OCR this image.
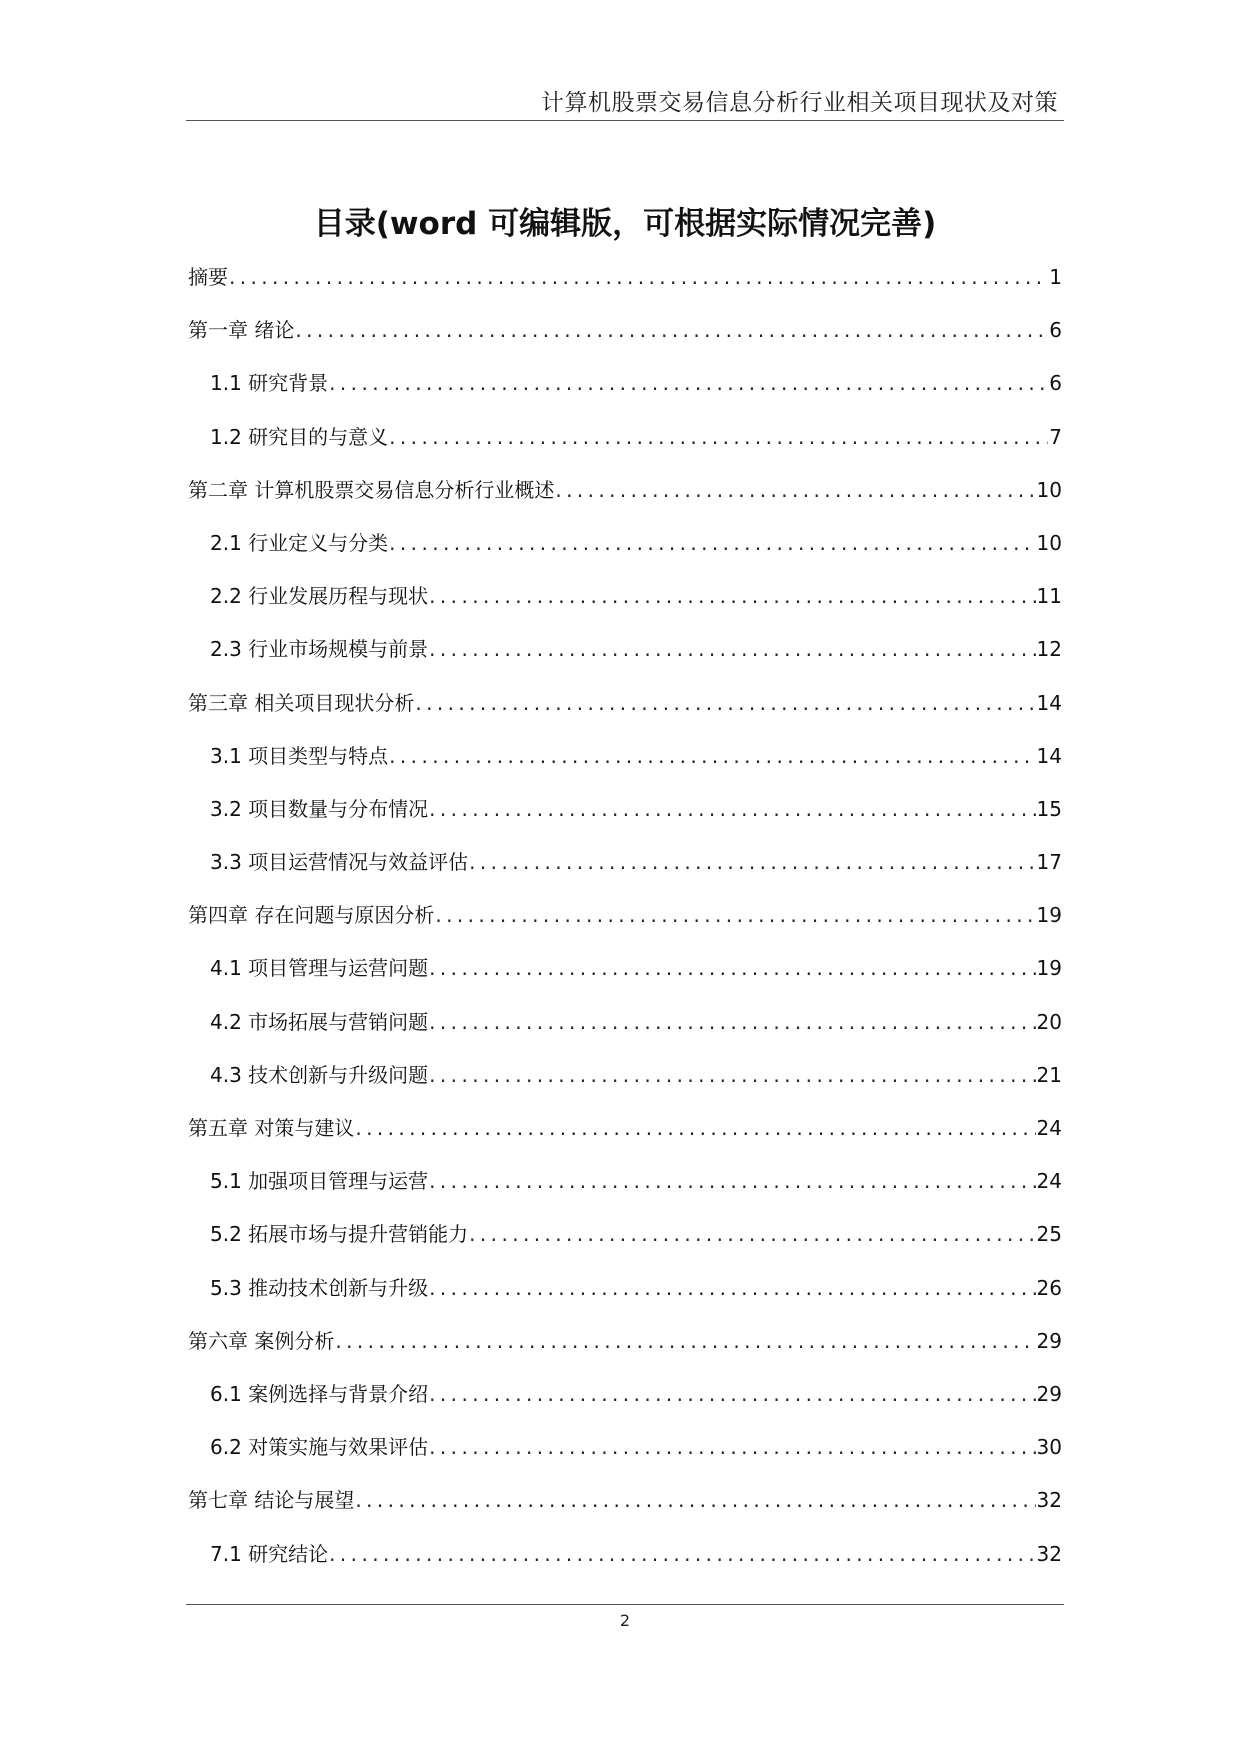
计算机股票交易信息分析行业相关项目现状及对策
目录(word 可编辑版，可根据实际情况完善)
摘要 .....	1
第一章 绪论 .....	6
1.1 研究背景 .....	6
1.2 研究目的与意义 .....	7
第二章 计算机股票交易信息分析行业概述 .....	10
2.1 行业定义与分类 .....	10
2.2 行业发展历程与现状 .....	11
2.3 行业市场规模与前景 .....	12
第三章 相关项目现状分析 .....	14
3.1 项目类型与特点 .....	14
3.2 项目数量与分布情况 .....	15
3.3 项目运营情况与效益评估 .....	17
第四章 存在问题与原因分析 .....	19
4.1 项目管理与运营问题 .....	19
4.2 市场拓展与营销问题 .....	20
4.3 技术创新与升级问题 .....	21
第五章 对策与建议 .....	24
5.1 加强项目管理与运营 .....	24
5.2 拓展市场与提升营销能力 .....	25
5.3 推动技术创新与升级 .....	26
第六章 案例分析 .....	29
6.1 案例选择与背景介绍 .....	29
6.2 对策实施与效果评估 .....	30
第七章 结论与展望 .....	32
7.1 研究结论 .....	32
2
